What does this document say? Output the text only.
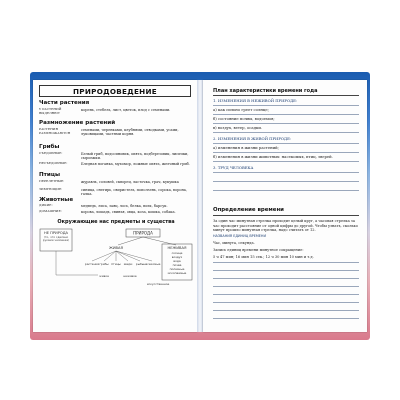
ПРИРОДОВЕДЕНИЕ
Части растения
У РАСТЕНИЙ ВЫДЕЛЯЮТ
корень, стебель, лист, цветок, плод с семенами.
Размножение растений
РАСТЕНИЯ РАЗМНОЖАЮТСЯ
семенами, черенками, клубнями, отводками, усами, луковицами, частями корня.
Грибы
СЪЕДОБНЫЕ:	Белый гриб, подосиновик, опята, подберезовик, лисички, сыроежки.
НЕСЪЕДОБНЫЕ:	Бледная поганка, мухомор, ложные опята, желчный гриб.
Птицы
ПЕРЕЛЕТНЫЕ:	журавль, соловей, скворец, ласточка, грач, кукушка
ЗИМУЮЩИЕ:	синица, снегирь, свиристель, поползень, сорока, ворона, галка.
Животные
ДИКИЕ:	медведь, лиса, заяц, лось, белка, волк, барсук.
ДОМАШНИЕ:	корова, лошадь, свинья, овца, коза, кошка, собака.
Окружающие нас предметы и существа
НЕ ПРИРОДА
(то, что сделано руками человека)
ПРИРОДА
ЖИВАЯ	НЕЖИВАЯ
солнце
воздух
вода
почва
полезные
ископаемые
растения грибы птицы звери рыбы насекомые
живое	неживое
искусственное
План характеристики времени года
1. ИЗМЕНЕНИЯ В НЕЖИВОЙ ПРИРОДЕ:
а) как сильно греет солнце;
б) состояние почвы, водоемов;
в) воздух, ветер, осадки.
2. ИЗМЕНЕНИЯ В ЖИВОЙ ПРИРОДЕ:
а) изменения в жизни растений;
б) изменения в жизни животных: насекомых, птиц, зверей.
3. ТРУД ЧЕЛОВЕКА
Определение времени
За один час минутная стрелка проходит целый круг, а часовая стрелка за час проходит расстояние от одной цифры до другой. Чтобы узнать, сколько минут прошло минутная стрелка, надо считать от 12.
НАЗВАНИЯ ЕДИНИЦ ВРЕМЕНИ
Час, минута, секунда.
Запись единиц времени минутное сокращение:
5 ч 47 мин; 16 мин 15 сек.; 12 ч 30 мин 10 мин и т.д.
